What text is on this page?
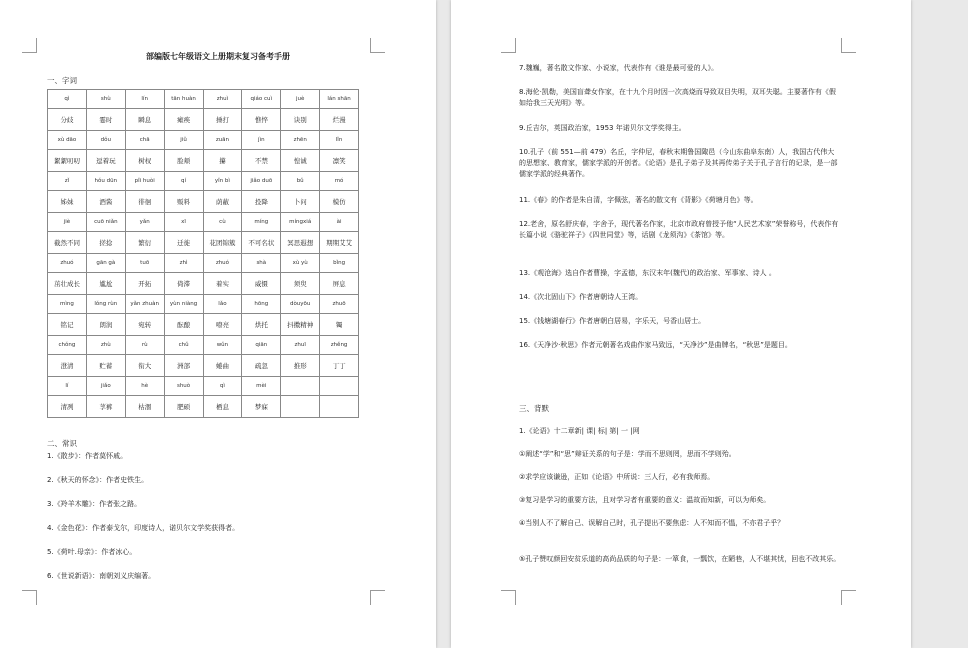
部编版七年级语文上册期末复习备考手册
一、字词
qì	shù	lín	tān huàn	zhuì	qiáo cuì	juè	lán shān
分歧	霎时	瞬息	瘫痪	捶打	憔悴	诀别	烂漫
xù dāo	dǒu	chā	jiǔ	zuān	jìn	zhēn	lǐn
絮絮叨叨	逗着玩	树杈	脸颊	攥	不禁	惶诚	凛笑
zǐ	hǒu dūn	pǐi huòi	qí	yǐn bì	jiǎo duō	bǔ	mó
姊妹	酒酱	徘徊	贩料	荫蔽	投降	卜问	模仿
jiè	cuō niǎn	yǎn	xī	cù	míng	míngxiá	ài
截然不同	搓捻	繁衍	迁徙	花团锦簇	不可名状	冥思遐想	期期艾艾
zhuó	gān gà	tuō	zhì	zhuó	shà	xù yù	bǐng
茁壮成长	尴尬	开拓	倚滞	着实	威慑	须臾	屏息
mìng	lǒng rùn	yǎn zhuàn	yùn niàng	lǎo	hōng	dòuyōu	zhuō
铭记	朗润	宛转	酝酿	嘹亮	烘托	抖擞精神	镯
chǒng	zhù	rù	chǔ	wǔn	qiān	zhuī	zhěng
澄清	贮蓄	衔大	洲部	蜷曲	疏忽	推形	丁丁
lí	jiǎo	hè	shuò	qì	mèi		
清冽	莩裤	枯涸	肥硕	栖息	梦寐		
二、常识
1.《散步》：作者莫怀戚。
2.《秋天的怀念》：作者史铁生。
3.《羚羊木雕》：作者张之路。
4.《金色花》：作者泰戈尔，印度诗人，诺贝尔文学奖获得者。
5.《荷叶.母亲》：作者冰心。
6.《世说新语》：南朝刘义庆编著。
7.魏巍，著名散文作家、小说家，代表作有《谁是最可爱的人》。
8.海伦·凯勒，美国盲聋女作家，在十九个月时因一次高烧而导致双目失明，双耳失聪。主要著作有《假如给我三天光明》等。
9.丘吉尔，英国政治家，1953 年诺贝尔文学奖得主。
10.孔子（前 551—前 479）名丘，字仲尼，春秋末期鲁国陬邑（今山东曲阜东南）人，我国古代伟大的思想家、教育家，儒家学派的开创者。《论语》是孔子弟子及其再传弟子关于孔子言行的记录，是一部儒家学派的经典著作。
11.《春》的作者是朱自清，字佩弦，著名的散文有《背影》《荷塘月色》等。
12.老舍，原名舒庆春，字舍予，现代著名作家，北京市政府曾授予他“人民艺术家”荣誉称号，代表作有长篇小说《骆驼祥子》《四世同堂》等，话剧《龙须沟》《茶馆》等。
13.《观沧海》选自作者曹操，字孟德，东汉末年(魏代)的政治家、军事家、诗人 。
14.《次北固山下》作者唐朝诗人王湾。
15.《钱塘湖春行》作者唐朝白居易，字乐天，号香山居士。
16.《天净沙·秋思》作者元朝著名戏曲作家马致远，“天净沙”是曲牌名，“秋思”是题目。
三、背默
1.《论语》十二章新| 课| 标| 第| 一 |网
①阐述“学”和“思”辩证关系的句子是：学而不思则罔，思而不学则殆。
②求学应该谦逊，正如《论语》中所说：三人行，必有我师焉。
③复习是学习的重要方法，且对学习者有重要的意义：温故而知新，可以为师矣。
④当别人不了解自己、误解自己时，孔子提出不要焦虑：人不知而不愠，不亦君子乎？
⑤孔子赞叹颜回安贫乐道的高尚品质的句子是：一箪食，一瓢饮，在陋巷，人不堪其忧，回也不改其乐。
